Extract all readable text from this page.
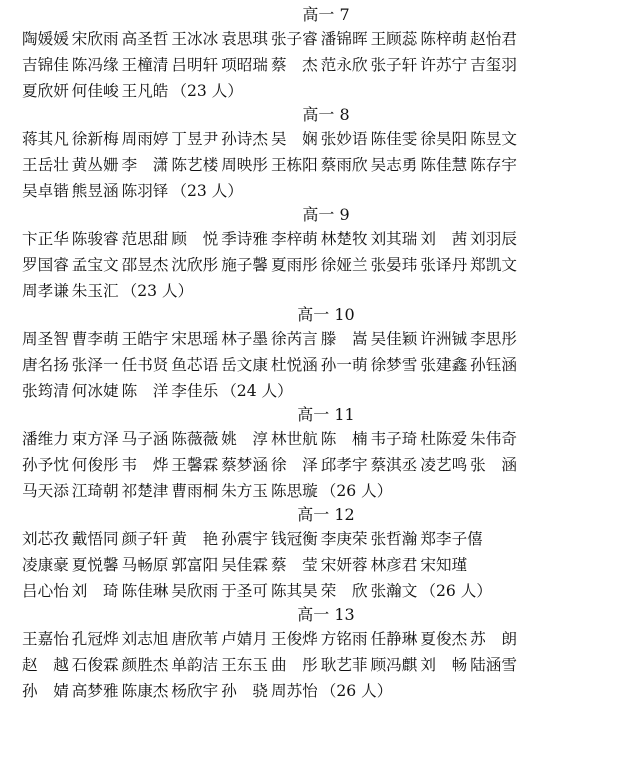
高一 7
陶媛媛 宋欣雨 高圣哲 王冰冰 袁思琪 张子睿 潘锦晖 王顾蕊 陈梓萌 赵怡君
吉锦佳 陈冯缘 王橦清 吕明轩 项昭瑞 蔡　杰 范永欣 张子轩 许苏宁 吉玺羽
夏欣妍 何佳峻 王凡皓 （23 人）
高一 8
蒋其凡 徐新梅 周雨婷 丁昱尹 孙诗杰 吴　娴 张妙语 陈佳雯 徐昊阳 陈昱文
王岳壮 黄丛姗 李　潇 陈艺楼 周映彤 王栋阳 蔡雨欣 吴志勇 陈佳慧 陈存宇
吴卓锴 熊昱涵 陈羽铎 （23 人）
高一 9
卞正华 陈骏睿 范思甜 顾　悦 季诗雅 李梓萌 林楚牧 刘其瑞 刘　茜 刘羽辰
罗国睿 孟宝文 邵昱杰 沈欣彤 施子馨 夏雨彤 徐娅兰 张晏玮 张译丹 郑凯文
周孝谦 朱玉汇 （23 人）
高一 10
周圣智 曹李萌 王皓宇 宋思瑶 林子墨 徐芮言 滕　嵩 吴佳颖 许洲铖 李思彤
唐名扬 张泽一 任书贤 鱼芯语 岳文康 杜悦涵 孙一萌 徐梦雪 张建鑫 孙钰涵
张筠清 何冰婕 陈　洋 李佳乐 （24 人）
高一 11
潘维力 束方泽 马子涵 陈薇薇 姚　淳 林世航 陈　楠 韦子琦 杜陈爱 朱伟奇
孙予忱 何俊彤 韦　烨 王馨霖 蔡梦涵 徐　泽 邱孝宇 蔡淇丞 凌艺鸣 张　涵
马天添 江琦朝 祁楚津 曹雨桐 朱方玉 陈思璇 （26 人）
高一 12
刘芯孜 戴悟同 颜子轩 黄　艳 孙震宇 钱冠衡 李庚荣 张哲瀚 郑李子僖
凌康豪 夏悦馨 马畅原 郭富阳 吴佳霖 蔡　莹 宋妍蓉 林彦君 宋知瑾
吕心怡 刘　琦 陈佳琳 吴欣雨 于圣可 陈其昊 荣　欣 张瀚文 （26 人）
高一 13
王嘉怡 孔冠烨 刘志旭 唐欣苇 卢婧月 王俊烨 方铭雨 任静琳 夏俊杰 苏　朗
赵　越 石俊霖 颜胜杰 单韵洁 王东玉 曲　彤 耿艺菲 顾冯麒 刘　畅 陆涵雪
孙　婧 高梦雅 陈康杰 杨欣宇 孙　骁 周苏怡 （26 人）
